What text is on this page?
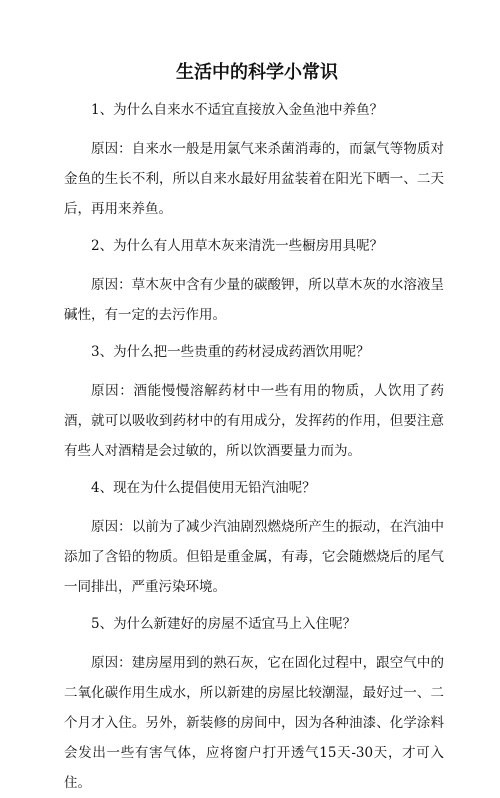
生活中的科学小常识

1、为什么自来水不适宜直接放入金鱼池中养鱼？

原因：自来水一般是用氯气来杀菌消毒的，而氯气等物质对金鱼的生长不利，所以自来水最好用盆装着在阳光下晒一、二天后，再用来养鱼。

2、为什么有人用草木灰来清洗一些橱房用具呢？

原因：草木灰中含有少量的碳酸钾，所以草木灰的水溶液呈碱性，有一定的去污作用。

3、为什么把一些贵重的药材浸成药酒饮用呢？

原因：酒能慢慢溶解药材中一些有用的物质，人饮用了药酒，就可以吸收到药材中的有用成分，发挥药的作用，但要注意有些人对酒精是会过敏的，所以饮酒要量力而为。

4、现在为什么提倡使用无铅汽油呢？

原因：以前为了减少汽油剧烈燃烧所产生的振动，在汽油中添加了含铅的物质。但铅是重金属，有毒，它会随燃烧后的尾气一同排出，严重污染环境。

5、为什么新建好的房屋不适宜马上入住呢？

原因：建房屋用到的熟石灰，它在固化过程中，跟空气中的二氧化碳作用生成水，所以新建的房屋比较潮湿，最好过一、二个月才入住。另外，新装修的房间中，因为各种油漆、化学涂料会发出一些有害气体，应将窗户打开透气15天-30天，才可入住。
